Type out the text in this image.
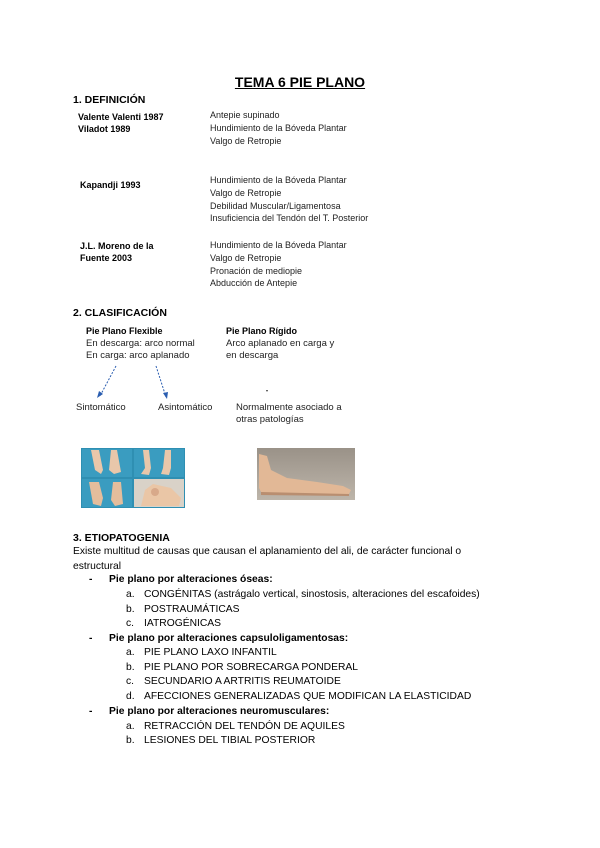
TEMA 6 PIE PLANO
1. DEFINICIÓN
Valente Valenti 1987
Viladot 1989
Antepie supinado
Hundimiento de la Bóveda Plantar
Valgo de Retropie
Kapandji 1993	Hundimiento de la Bóveda Plantar
Valgo de Retropie
Debilidad Muscular/Ligamentosa
Insuficiencia del Tendón del T. Posterior
J.L. Moreno de la
Fuente 2003
Hundimiento de la Bóveda Plantar
Valgo de Retropie
Pronación de mediopie
Abducción de Antepie
2. CLASIFICACIÓN
Pie Plano Flexible
En descarga: arco normal
En carga: arco aplanado
Pie Plano Rígido
Arco aplanado en carga y
en descarga
Sintomático	Asintomático Normalmente asociado a
otras patologías
3. ETIOPATOGENIA
Existe multitud de causas que causan el aplanamiento del ali, de carácter funcional o
estructural
- Pie plano por alteraciones óseas:
a. CONGÉNITAS (astrágalo vertical, sinostosis, alteraciones del escafoides)
b. POSTRAUMÁTICAS
c. IATROGÉNICAS
- Pie plano por alteraciones capsuloligamentosas:
a. PIE PLANO LAXO INFANTIL
b. PIE PLANO POR SOBRECARGA PONDERAL
c. SECUNDARIO A ARTRITIS REUMATOIDE
d. AFECCIONES GENERALIZADAS QUE MODIFICAN LA ELASTICIDAD
- Pie plano por alteraciones neuromusculares:
a. RETRACCIÓN DEL TENDÓN DE AQUILES
b. LESIONES DEL TIBIAL POSTERIOR
